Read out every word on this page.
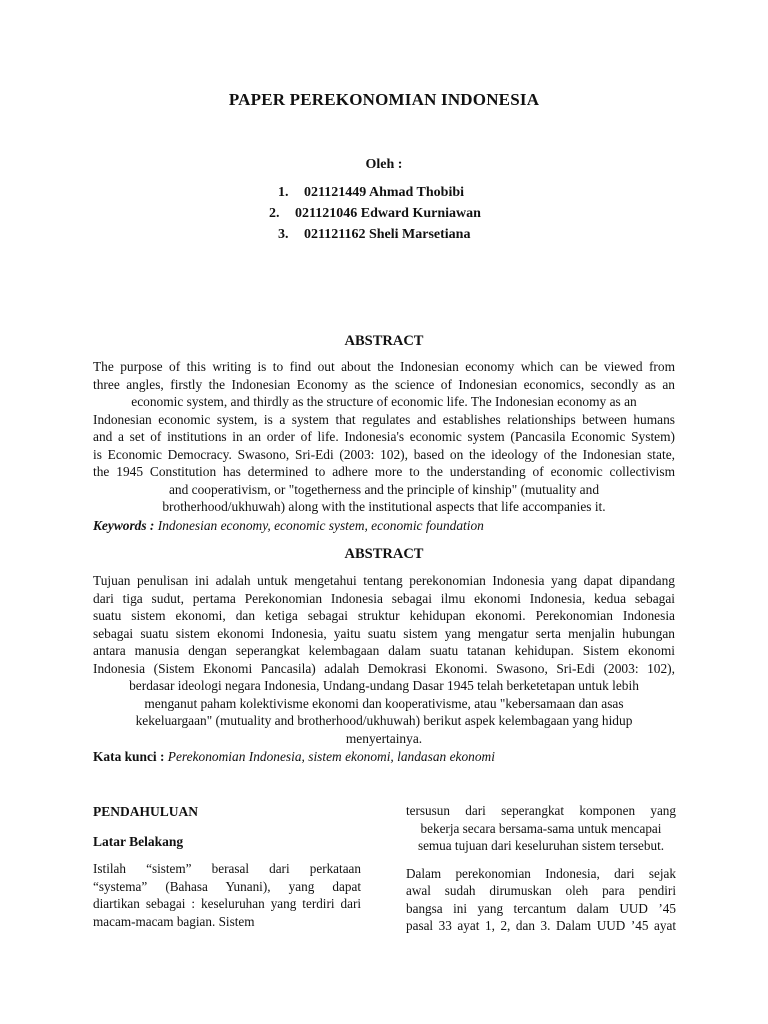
PAPER PEREKONOMIAN INDONESIA
Oleh :
1.	021121449 Ahmad Thobibi
2.	021121046 Edward Kurniawan
3.	021121162 Sheli Marsetiana
ABSTRACT
The purpose of this writing is to find out about the Indonesian economy which can be viewed from
three angles, firstly the Indonesian Economy as the science of Indonesian economics, secondly as an
economic system, and thirdly as the structure of economic life. The Indonesian economy as an
Indonesian economic system, is a system that regulates and establishes relationships between humans
and a set of institutions in an order of life. Indonesia's economic system (Pancasila Economic System)
is Economic Democracy. Swasono, Sri-Edi (2003: 102), based on the ideology of the Indonesian state,
the 1945 Constitution has determined to adhere more to the understanding of economic collectivism
and cooperativism, or "togetherness and the principle of kinship" (mutuality and
brotherhood/ukhuwah) along with the institutional aspects that life accompanies it.
Keywords : Indonesian economy, economic system, economic foundation
ABSTRACT
Tujuan penulisan ini adalah untuk mengetahui tentang perekonomian Indonesia yang dapat dipandang
dari tiga sudut, pertama Perekonomian Indonesia sebagai ilmu ekonomi Indonesia, kedua sebagai
suatu sistem ekonomi, dan ketiga sebagai struktur kehidupan ekonomi. Perekonomian Indonesia
sebagai suatu sistem ekonomi Indonesia, yaitu suatu sistem yang mengatur serta menjalin hubungan
antara manusia dengan seperangkat kelembagaan dalam suatu tatanan kehidupan. Sistem ekonomi
Indonesia (Sistem Ekonomi Pancasila) adalah Demokrasi Ekonomi. Swasono, Sri-Edi (2003: 102),
berdasar ideologi negara Indonesia, Undang-undang Dasar 1945 telah berketetapan untuk lebih
menganut paham kolektivisme ekonomi dan kooperativisme, atau "kebersamaan dan asas
kekeluargaan" (mutuality and brotherhood/ukhuwah) berikut aspek kelembagaan yang hidup
menyertainya.
Kata kunci : Perekonomian Indonesia, sistem ekonomi, landasan ekonomi
PENDAHULUAN
Latar Belakang
Istilah “sistem” berasal dari perkataan
“systema” (Bahasa Yunani), yang dapat
diartikan sebagai : keseluruhan yang terdiri dari
macam-macam bagian. Sistem
tersusun dari seperangkat komponen yang
bekerja secara bersama-sama untuk mencapai
semua tujuan dari keseluruhan sistem tersebut.
Dalam perekonomian Indonesia, dari sejak
awal sudah dirumuskan oleh para pendiri
bangsa ini yang tercantum dalam UUD ’45
pasal 33 ayat 1, 2, dan 3. Dalam UUD ’45 ayat
